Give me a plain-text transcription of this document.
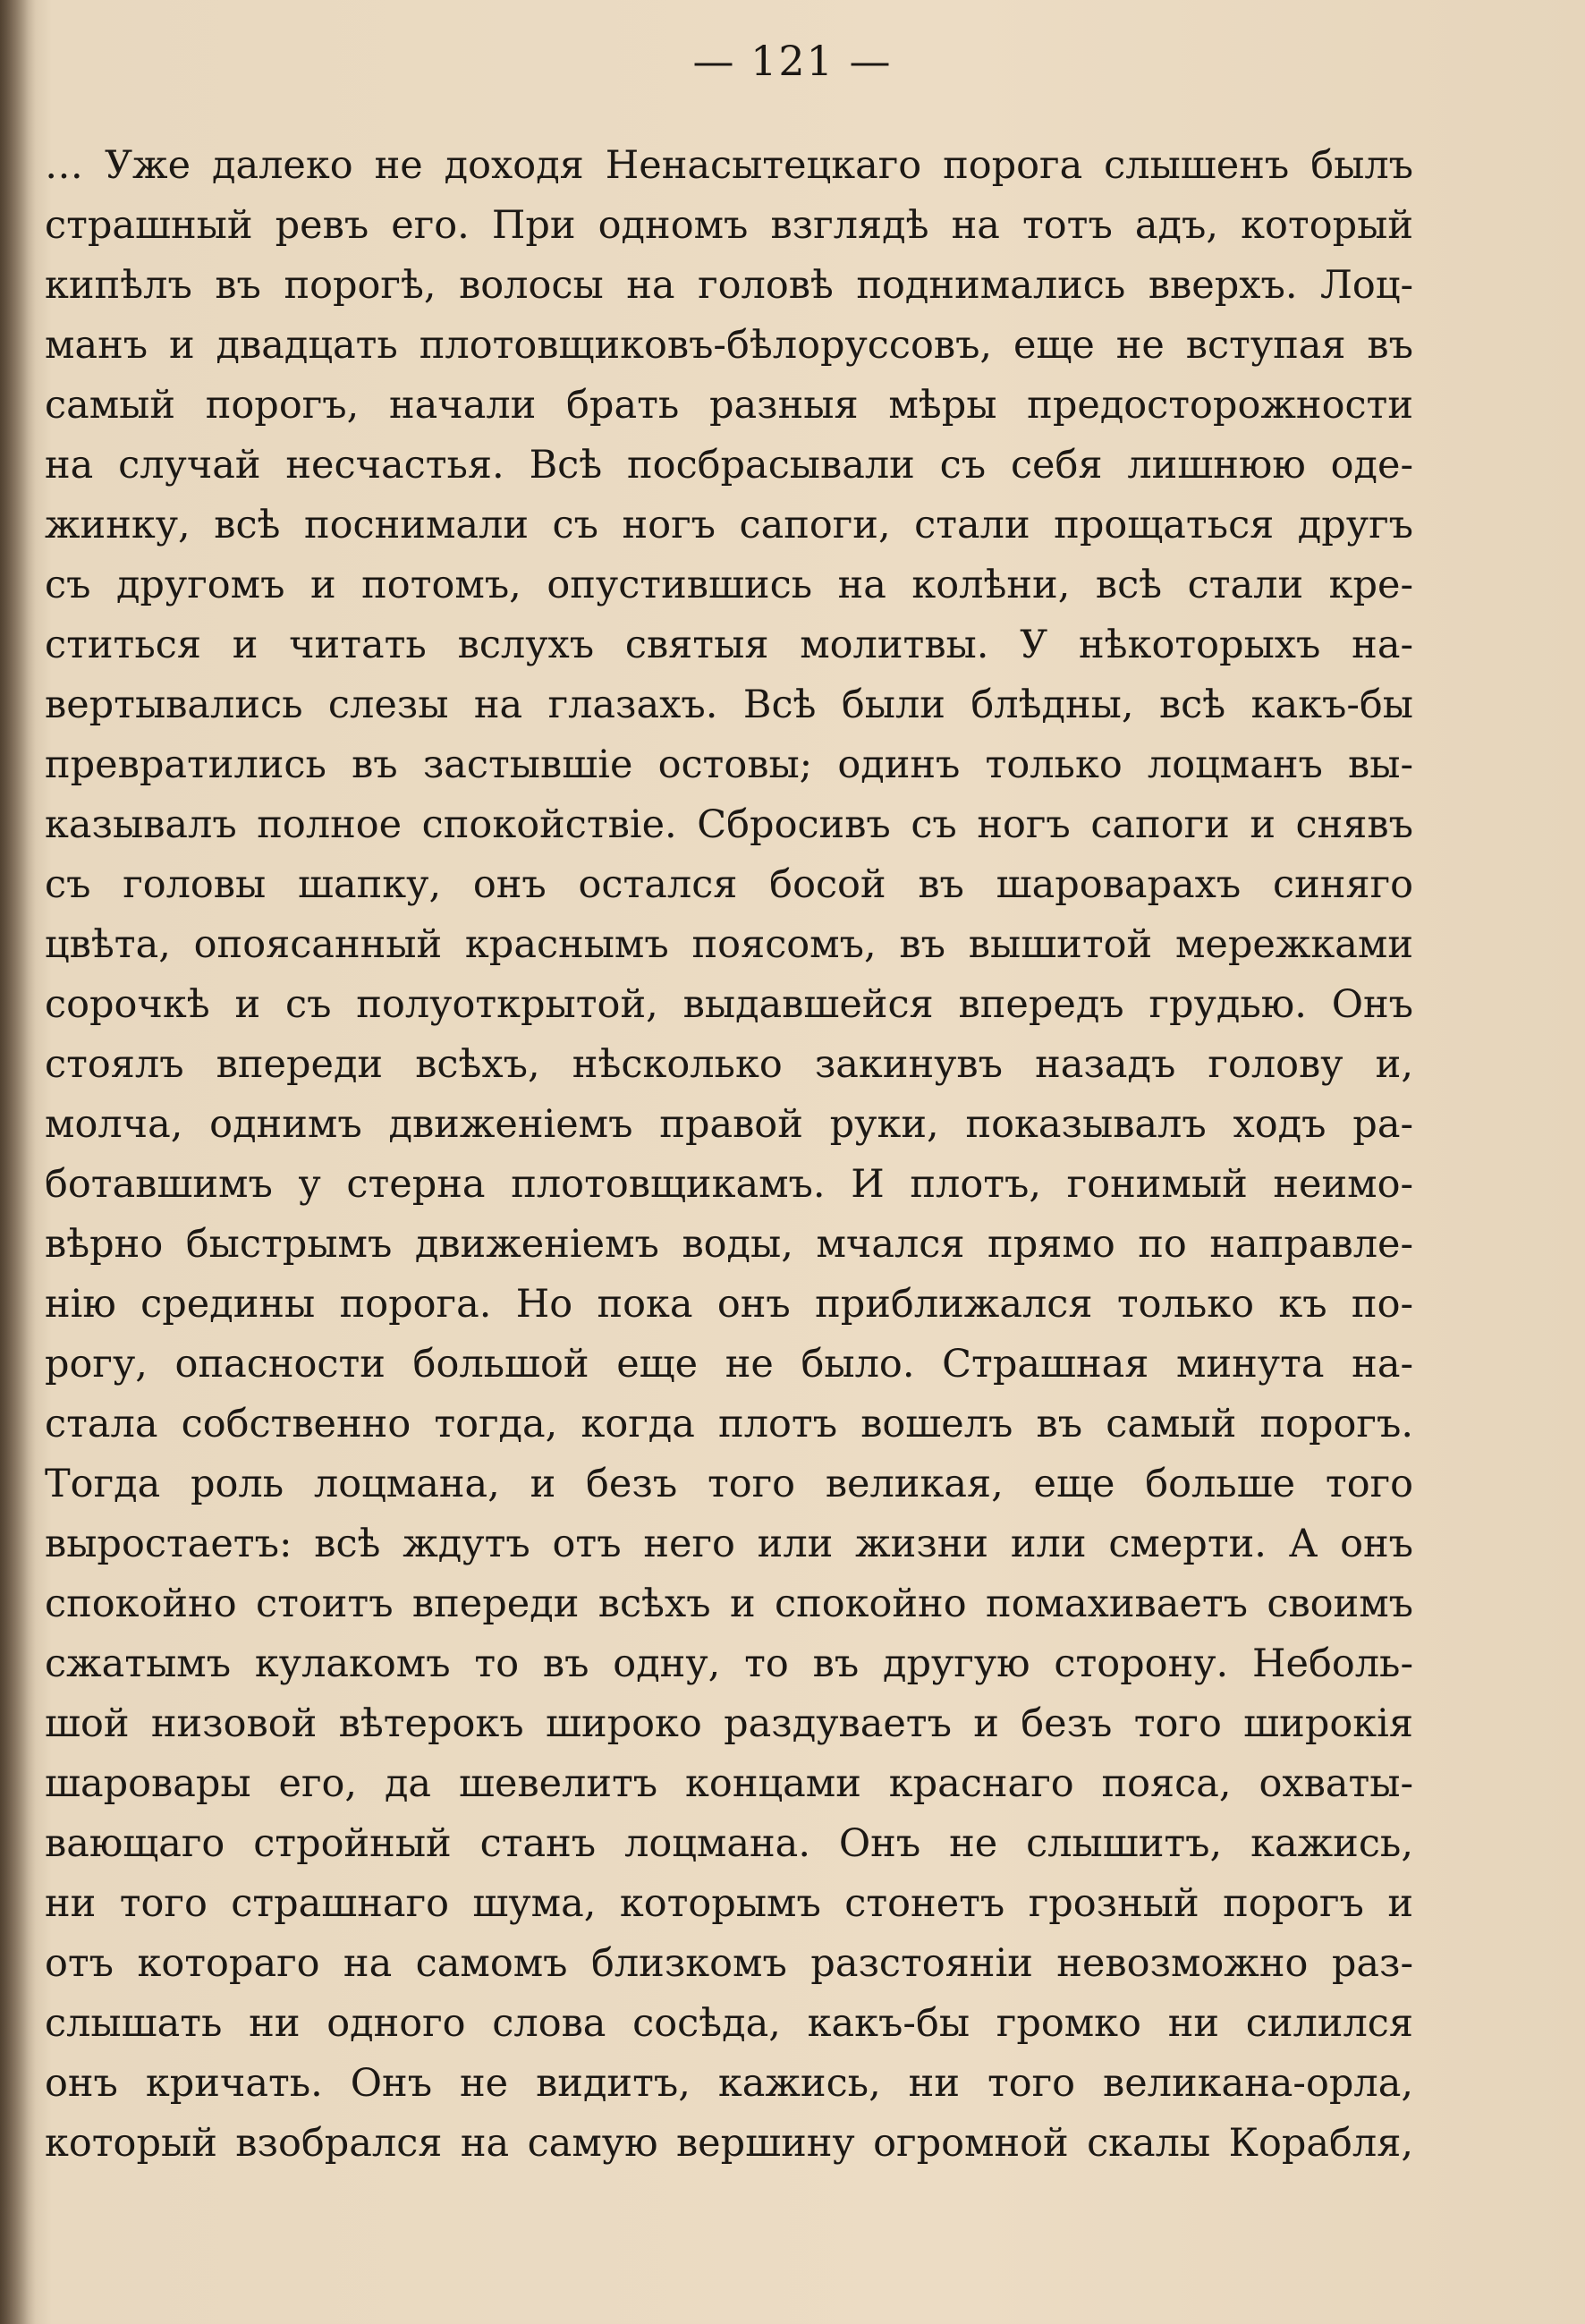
— 121 —
… Уже далеко не доходя Ненасытецкаго порога слышенъ былъ
страшный ревъ его. При одномъ взглядѣ на тотъ адъ, который
кипѣлъ въ порогѣ, волосы на головѣ поднимались вверхъ. Лоц-
манъ и двадцать плотовщиковъ-бѣлоруссовъ, еще не вступая въ
самый порогъ, начали брать разныя мѣры предосторожности
на случай несчастья. Всѣ посбрасывали съ себя лишнюю оде-
жинку, всѣ поснимали съ ногъ сапоги, стали прощаться другъ
съ другомъ и потомъ, опустившись на колѣни, всѣ стали кре-
ститься и читать вслухъ святыя молитвы. У нѣкоторыхъ на-
вертывались слезы на глазахъ. Всѣ были блѣдны, всѣ какъ-бы
превратились въ застывшіе остовы; одинъ только лоцманъ вы-
казывалъ полное спокойствіе. Сбросивъ съ ногъ сапоги и снявъ
съ головы шапку, онъ остался босой въ шароварахъ синяго
цвѣта, опоясанный краснымъ поясомъ, въ вышитой мережками
сорочкѣ и съ полуоткрытой, выдавшейся впередъ грудью. Онъ
стоялъ впереди всѣхъ, нѣсколько закинувъ назадъ голову и,
молча, однимъ движеніемъ правой руки, показывалъ ходъ ра-
ботавшимъ у стерна плотовщикамъ. И плотъ, гонимый неимо-
вѣрно быстрымъ движеніемъ воды, мчался прямо по направле-
нію средины порога. Но пока онъ приближался только къ по-
рогу, опасности большой еще не было. Страшная минута на-
стала собственно тогда, когда плотъ вошелъ въ самый порогъ.
Тогда роль лоцмана, и безъ того великая, еще больше того
выростаетъ: всѣ ждутъ отъ него или жизни или смерти. А онъ
спокойно стоитъ впереди всѣхъ и спокойно помахиваетъ своимъ
сжатымъ кулакомъ то въ одну, то въ другую сторону. Неболь-
шой низовой вѣтерокъ широко раздуваетъ и безъ того широкія
шаровары его, да шевелитъ концами краснаго пояса, охваты-
вающаго стройный станъ лоцмана. Онъ не слышитъ, кажись,
ни того страшнаго шума, которымъ стонетъ грозный порогъ и
отъ котораго на самомъ близкомъ разстояніи невозможно раз-
слышать ни одного слова сосѣда, какъ-бы громко ни силился
онъ кричать. Онъ не видитъ, кажись, ни того великана-орла,
который взобрался на самую вершину огромной скалы Корабля,
